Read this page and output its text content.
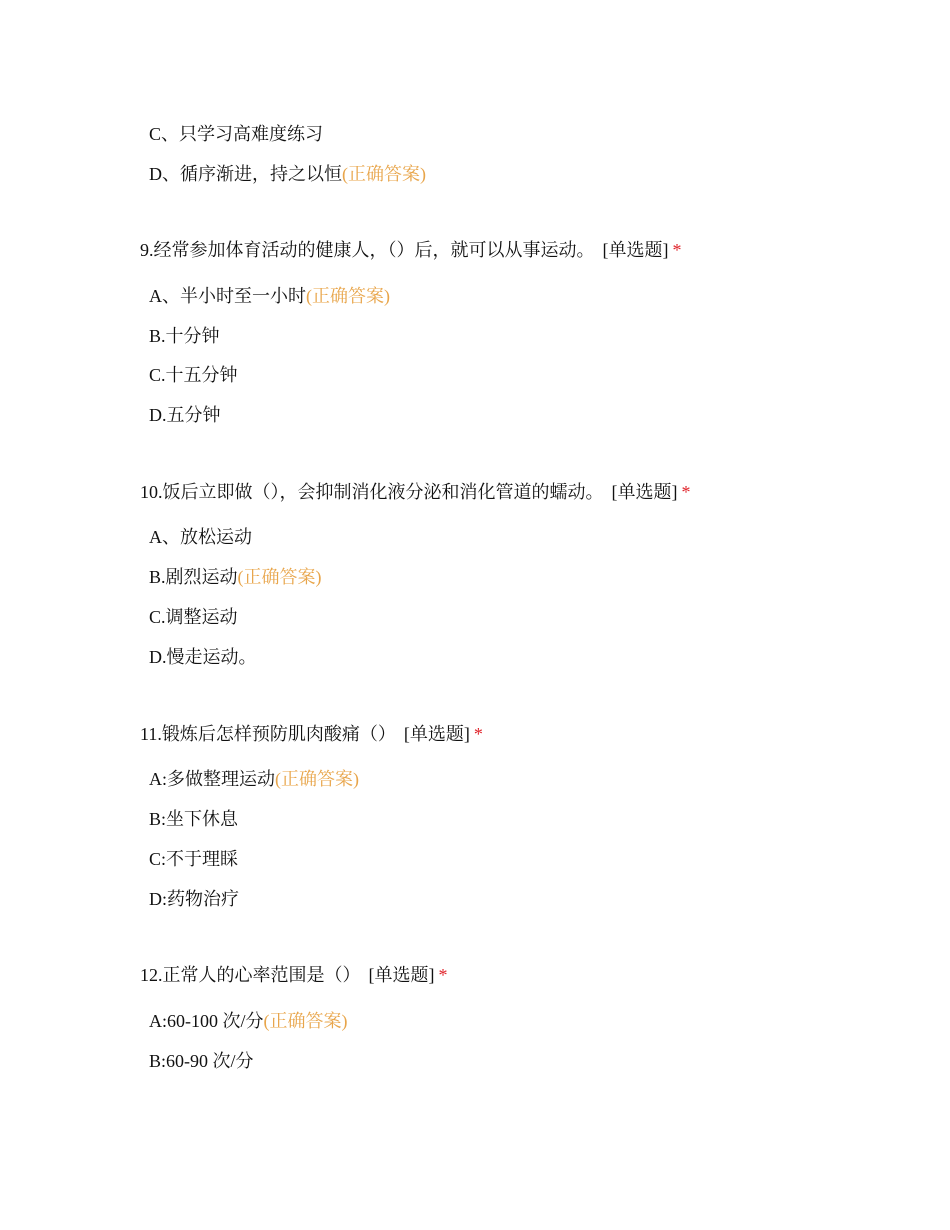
C、只学习高难度练习
D、循序渐进，持之以恒(正确答案)
9.经常参加体育活动的健康人，（）后，就可以从事运动。 [单选题] *
A、半小时至一小时(正确答案)
B.十分钟
C.十五分钟
D.五分钟
10.饭后立即做（），会抑制消化液分泌和消化管道的蠕动。 [单选题] *
A、放松运动
B.剧烈运动(正确答案)
C.调整运动
D.慢走运动。
11.锻炼后怎样预防肌肉酸痛（） [单选题] *
A:多做整理运动(正确答案)
B:坐下休息
C:不于理睬
D:药物治疗
12.正常人的心率范围是（） [单选题] *
A:60-100 次/分(正确答案)
B:60-90 次/分
